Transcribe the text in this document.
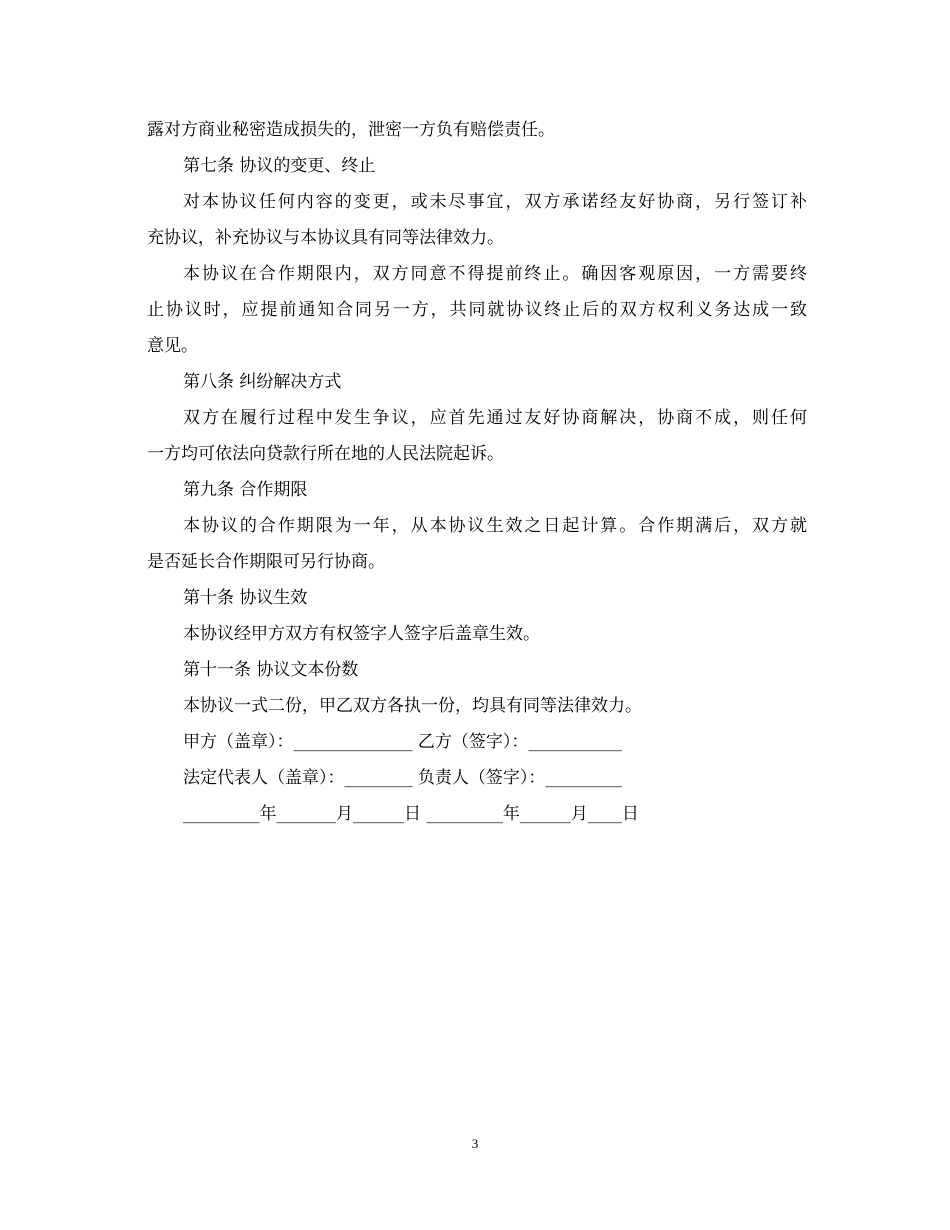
露对方商业秘密造成损失的，泄密一方负有赔偿责任。
第七条 协议的变更、终止
对本协议任何内容的变更，或未尽事宜，双方承诺经友好协商，另行签订补
充协议，补充协议与本协议具有同等法律效力。
本协议在合作期限内，双方同意不得提前终止。确因客观原因，一方需要终
止协议时，应提前通知合同另一方，共同就协议终止后的双方权利义务达成一致
意见。
第八条 纠纷解决方式
双方在履行过程中发生争议，应首先通过友好协商解决，协商不成，则任何
一方均可依法向贷款行所在地的人民法院起诉。
第九条 合作期限
本协议的合作期限为一年，从本协议生效之日起计算。合作期满后，双方就
是否延长合作期限可另行协商。
第十条 协议生效
本协议经甲方双方有权签字人签字后盖章生效。
第十一条 协议文本份数
本协议一式二份，甲乙双方各执一份，均具有同等法律效力。
甲方（盖章）：______________ 乙方（签字）：___________
法定代表人（盖章）：________ 负责人（签字）：_________
_________年_______月______日 _________年______月____日
3
